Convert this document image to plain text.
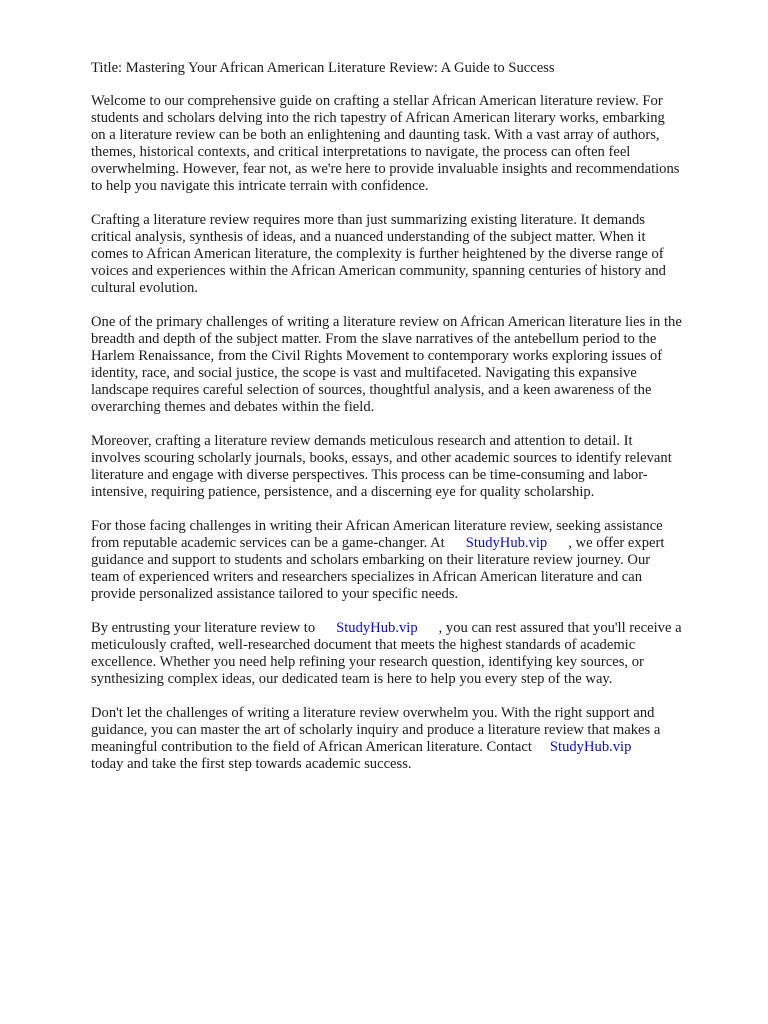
Title: Mastering Your African American Literature Review: A Guide to Success

Welcome to our comprehensive guide on crafting a stellar African American literature review. For
students and scholars delving into the rich tapestry of African American literary works, embarking
on a literature review can be both an enlightening and daunting task. With a vast array of authors,
themes, historical contexts, and critical interpretations to navigate, the process can often feel
overwhelming. However, fear not, as we're here to provide invaluable insights and recommendations
to help you navigate this intricate terrain with confidence.

Crafting a literature review requires more than just summarizing existing literature. It demands
critical analysis, synthesis of ideas, and a nuanced understanding of the subject matter. When it
comes to African American literature, the complexity is further heightened by the diverse range of
voices and experiences within the African American community, spanning centuries of history and
cultural evolution.

One of the primary challenges of writing a literature review on African American literature lies in the
breadth and depth of the subject matter. From the slave narratives of the antebellum period to the
Harlem Renaissance, from the Civil Rights Movement to contemporary works exploring issues of
identity, race, and social justice, the scope is vast and multifaceted. Navigating this expansive
landscape requires careful selection of sources, thoughtful analysis, and a keen awareness of the
overarching themes and debates within the field.

Moreover, crafting a literature review demands meticulous research and attention to detail. It
involves scouring scholarly journals, books, essays, and other academic sources to identify relevant
literature and engage with diverse perspectives. This process can be time-consuming and labor-
intensive, requiring patience, persistence, and a discerning eye for quality scholarship.

For those facing challenges in writing their African American literature review, seeking assistance
from reputable academic services can be a game-changer. At StudyHub.vip , we offer expert
guidance and support to students and scholars embarking on their literature review journey. Our
team of experienced writers and researchers specializes in African American literature and can
provide personalized assistance tailored to your specific needs.

By entrusting your literature review to StudyHub.vip , you can rest assured that you'll receive a
meticulously crafted, well-researched document that meets the highest standards of academic
excellence. Whether you need help refining your research question, identifying key sources, or
synthesizing complex ideas, our dedicated team is here to help you every step of the way.

Don't let the challenges of writing a literature review overwhelm you. With the right support and
guidance, you can master the art of scholarly inquiry and produce a literature review that makes a
meaningful contribution to the field of African American literature. Contact StudyHub.vip
today and take the first step towards academic success.
